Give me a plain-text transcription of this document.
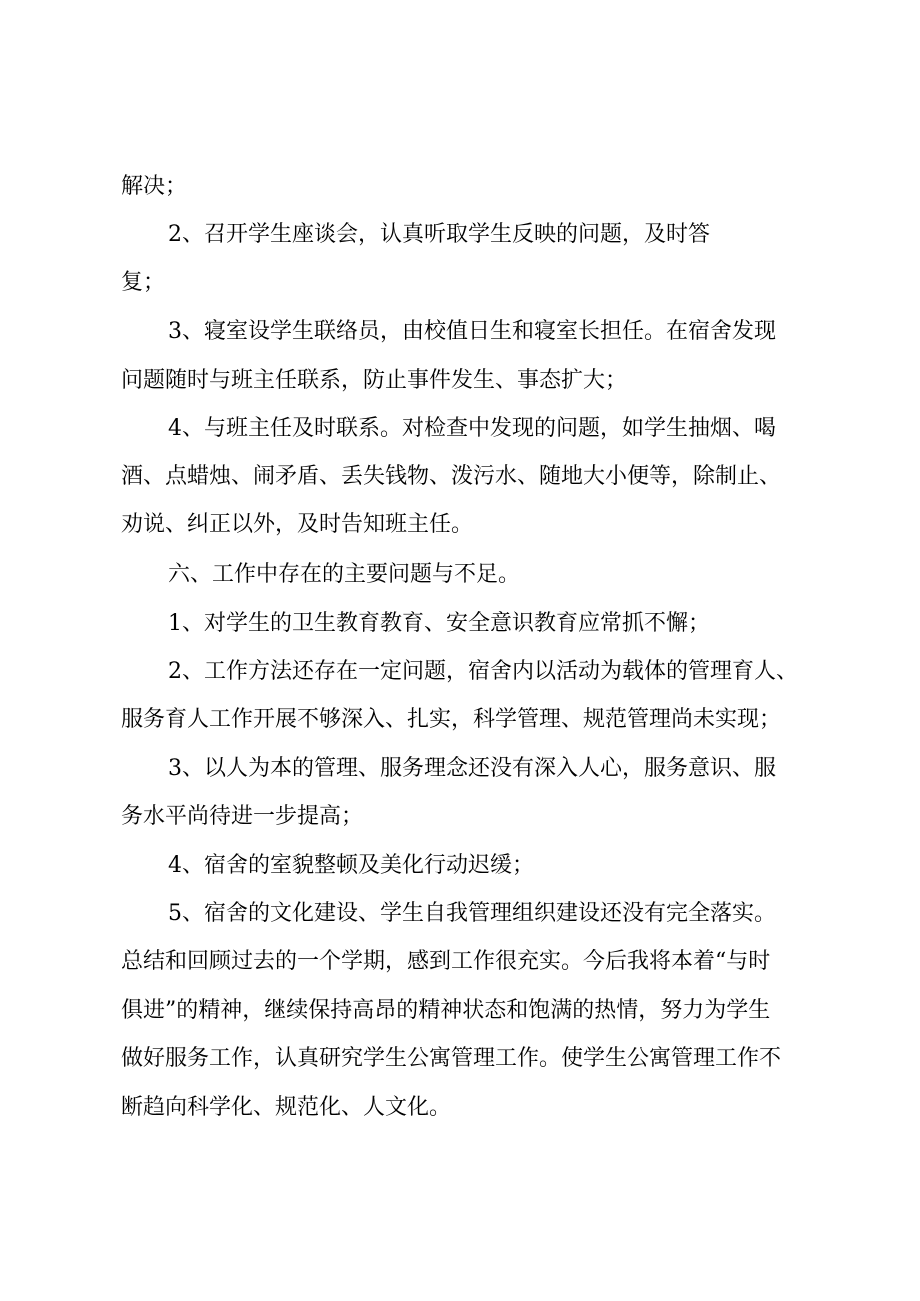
解决；
2、召开学生座谈会，认真听取学生反映的问题，及时答
复；
3、寝室设学生联络员，由校值日生和寝室长担任。在宿舍发现
问题随时与班主任联系，防止事件发生、事态扩大；
4、与班主任及时联系。对检查中发现的问题，如学生抽烟、喝
酒、点蜡烛、闹矛盾、丢失钱物、泼污水、随地大小便等，除制止、
劝说、纠正以外，及时告知班主任。
六、工作中存在的主要问题与不足。
1、对学生的卫生教育教育、安全意识教育应常抓不懈；
2、工作方法还存在一定问题，宿舍内以活动为载体的管理育人、
服务育人工作开展不够深入、扎实，科学管理、规范管理尚未实现；
3、以人为本的管理、服务理念还没有深入人心，服务意识、服
务水平尚待进一步提高；
4、宿舍的室貌整顿及美化行动迟缓；
5、宿舍的文化建设、学生自我管理组织建设还没有完全落实。
总结和回顾过去的一个学期，感到工作很充实。今后我将本着“与时
俱进”的精神，继续保持高昂的精神状态和饱满的热情，努力为学生
做好服务工作，认真研究学生公寓管理工作。使学生公寓管理工作不
断趋向科学化、规范化、人文化。
